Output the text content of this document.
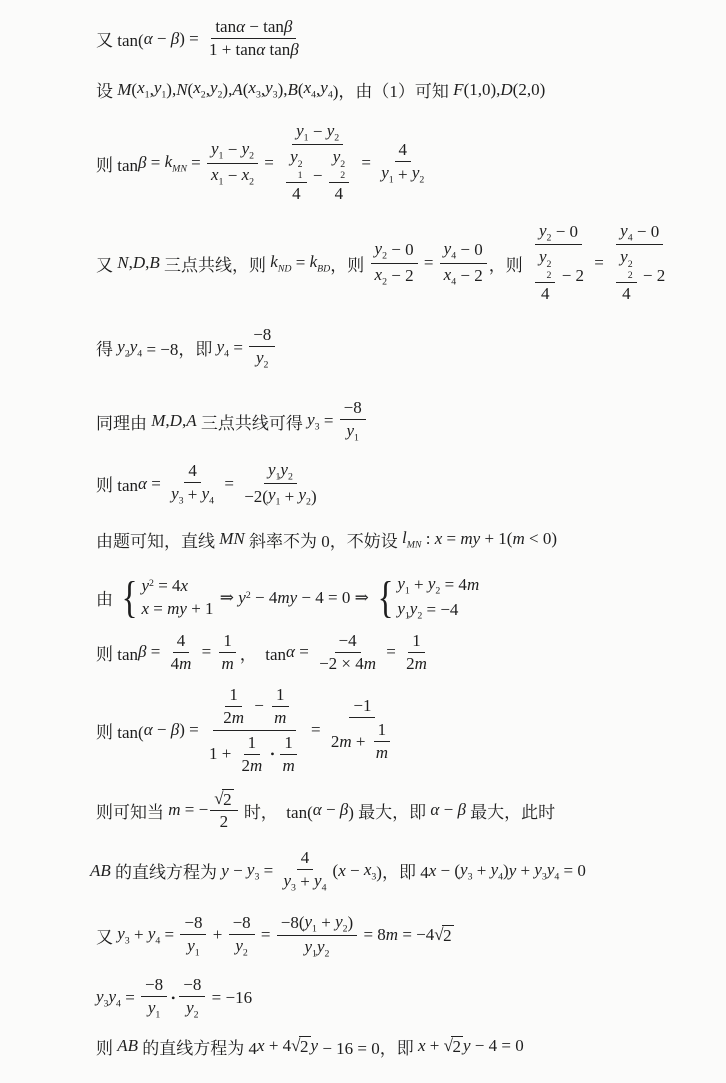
又 tan( α − β ) = $\frac{\text{tan α − tan β}}{\text{1 + tan α tan β}}$
设 M ( $x_1$ , $y_1$ ), N ( $x_2$ , $y_2$ ), A ( $x_3$ , $y_3$ ), B ( $x_4$ , $y_4$ )，由（1）可知 F (1,0), D (2,0)
则 $\tan \beta = k_{MN} = \frac{y_1 - y_2}{x_1 - x_2} = y_1 - y_2$
y 2
1
4 − y 2
2
$4 = \frac{4}{y_1 + y_2}$
又 N , D , B 三点共线，则 $k_{ND} = k_{BD}$ ，则 $\frac{y_2 - 0}{x_2 - 2} = \frac{y_4 - 0}{x_4 - 2}$ ，则 $y_2 - 0$
y 2
2
$4 - 2 = y_4 - 0$
y 2
2
4 − 2
得 $y_2$ $y_4 = -8$，即 $y_4 = \frac{-8}{y_2}$
同理由 M , D , A 三点共线可得 $y_3 = \frac{-8}{y_1}$
则 $\tan \alpha = \frac{4}{y_3 + y_4} = \frac{y_1 y_2}{-2( y_1 + y_2 )}$
由题可知，直线 MN 斜率不为 0，不妨设 $l_{MN}$ : x = my + 1( m < 0)
由 { $y^2 = 4$ x
x = my + 1
⇒ $y^2 - 4$ my − 4 = 0 ⇒ { $y_1 + y_2 = 4$ m
$y_1$ $y_2 = -4$
则 $\tan \beta = \frac{4}{4 m} = \frac{1}{m}$ ，  $\tan \alpha = \frac{-4}{-2 \times 4 m} = \frac{1}{2 m}$
则 tan( α − β ) = $\frac{\frac{1}{2 m} - \frac{1}{m}}{1 + \frac{1}{2 m} • \frac{1}{m}} = \frac{-1}{2 m + \frac{1}{m}}$
则可知当 m = − $\frac{√ 2}{2}$ 时，  tan( α − β ) 最大，即 α − β 最大，此时
AB 的直线方程为 $y - y_3 = \frac{4}{y_3 + y_4}$ ( $x - x_3$ )，即 4 x − ( $y_3 + y_4$ ) $y + y_3$ $y_4 = 0$
又 $y_3 + y_4 = \frac{-8}{y_1} + \frac{-8}{y_2} = \frac{-8( y_1 + y_2 )}{y_1 y_2} = 8$ m = −4 √ 2
$y_3$ $y_4 = \frac{-8}{y_1}$ • $\frac{-8}{y_2} = -16$
则 AB 的直线方程为 4 x + 4 √ 2 y − 16 = 0，即 x + √ 2 y − 4 = 0
